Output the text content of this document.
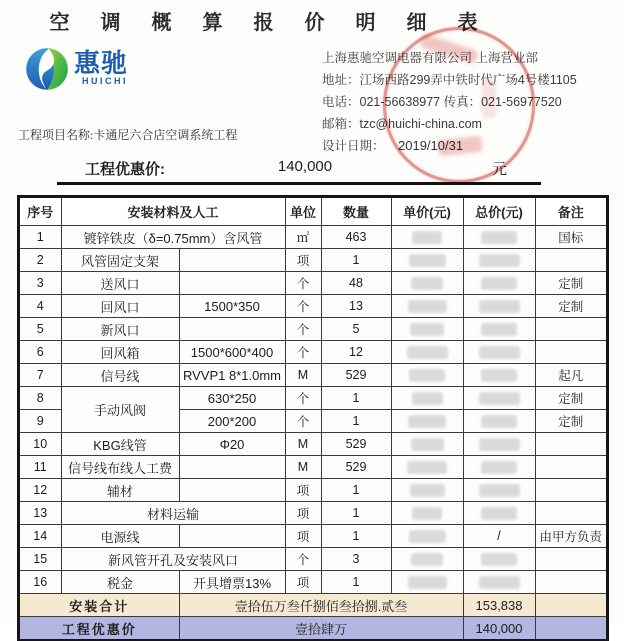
空 调 概 算 报 价 明 细 表
惠驰
HUICHI
上海惠驰空调电器有限公司 上海营业部
地址：江场西路299弄中铁时代广场4号楼1105
电话：021-56638977 传真：021-56977520
邮箱：tzc@huichi-china.com
设计日期： 2019/10/31
工程项目名称:卡通尼六合店空调系统工程
工程优惠价:	140,000	元
序号	安装材料及人工		单位	数量	单价(元)	总价(元)	备注
1	镀锌铁皮（δ=0.75mm）含风管		㎡	463			国标
2	风管固定支架		项	1	

3	送风口		个	48			定制
4	回风口	1500*350	个	13			定制
5	新风口		个	5	

6	回风箱	1500*600*400	个	12	

7	信号线	RVVP1 8*1.0mm	M	529			起凡
8	手动风阀	630*250	个	1			定制
9		200*200	个	1			定制
10	KBG线管	Φ20	M	529	

11	信号线布线人工费		M	529	

12	辅材		项	1	

13	材料运输		项	1	

14	电源线		项	1		/	由甲方负责
15	新风管开孔及安装风口		个	3	

16	税金	开具增票13%	项	1	

安装合计		壹拾伍万叁仟捌佰叁拾捌.贰叁				153,838	
工程优惠价		壹拾肆万				140,000	
